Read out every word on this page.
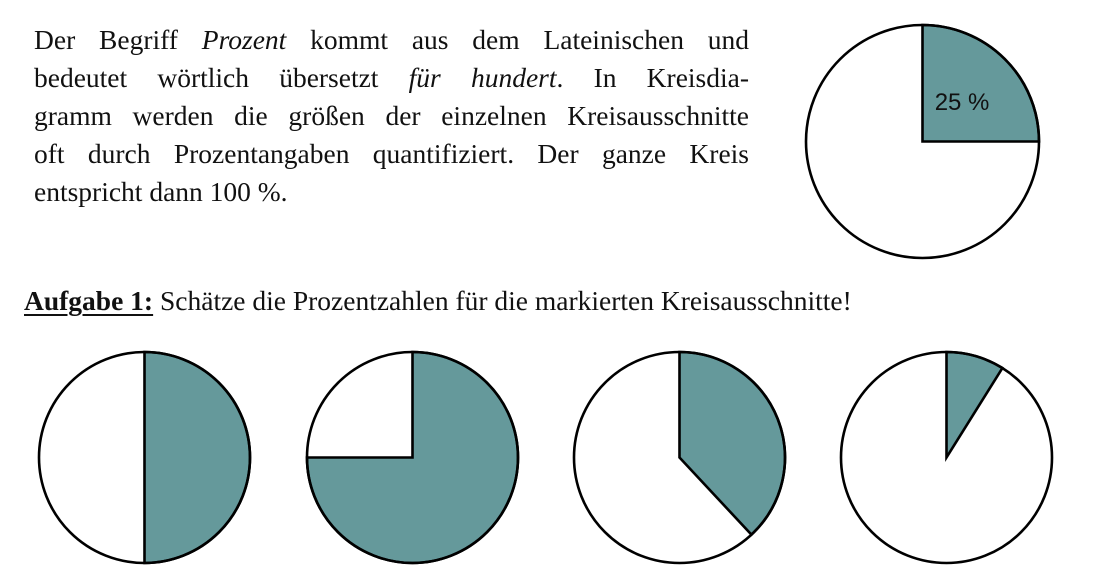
Der Begriff Prozent kommt aus dem Lateinischen und
bedeutet wörtlich übersetzt für hundert. In Kreisdia-
gramm werden die größen der einzelnen Kreisausschnitte
oft durch Prozentangaben quantifiziert. Der ganze Kreis
entspricht dann 100 %.
Aufgabe 1: Schätze die Prozentzahlen für die markierten Kreisausschnitte!
25 %
